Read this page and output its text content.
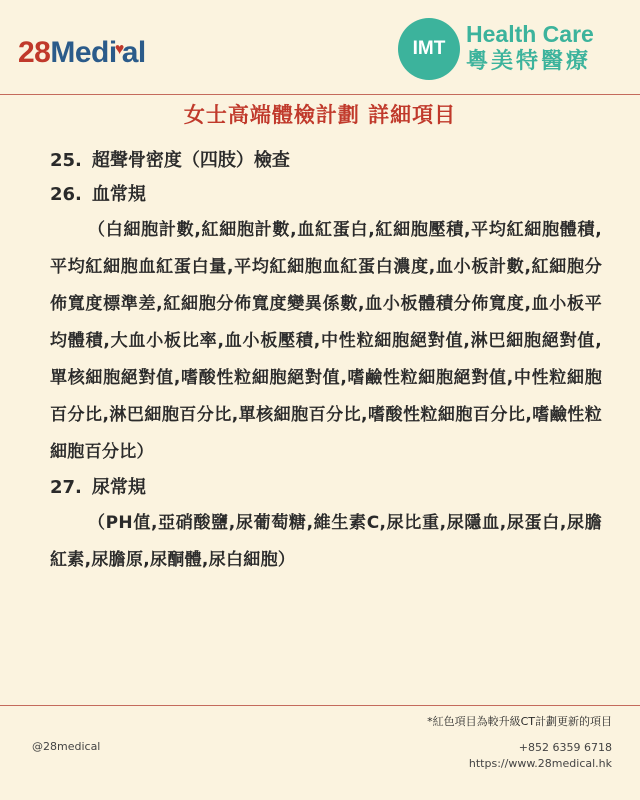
28Medi♥al	IMT
Health Care
粵美特醫療
女士高端體檢計劃 詳細項目
25. 超聲骨密度（四肢）檢查
26. 血常規
（白細胞計數,紅細胞計數,血紅蛋白,紅細胞壓積,平均紅細胞體積,平均紅細胞血紅蛋白量,平均紅細胞血紅蛋白濃度,血小板計數,紅細胞分佈寬度標準差,紅細胞分佈寬度變異係數,血小板體積分佈寬度,血小板平均體積,大血小板比率,血小板壓積,中性粒細胞絕對值,淋巴細胞絕對值,單核細胞絕對值,嗜酸性粒細胞絕對值,嗜鹼性粒細胞絕對值,中性粒細胞百分比,淋巴細胞百分比,單核細胞百分比,嗜酸性粒細胞百分比,嗜鹼性粒細胞百分比）
27. 尿常規
（PH值,亞硝酸鹽,尿葡萄糖,維生素C,尿比重,尿隱血,尿蛋白,尿膽紅素,尿膽原,尿酮體,尿白細胞）
*紅色項目為較升級CT計劃更新的項目
@28medical	+852 6359 6718
https://www.28medical.hk
